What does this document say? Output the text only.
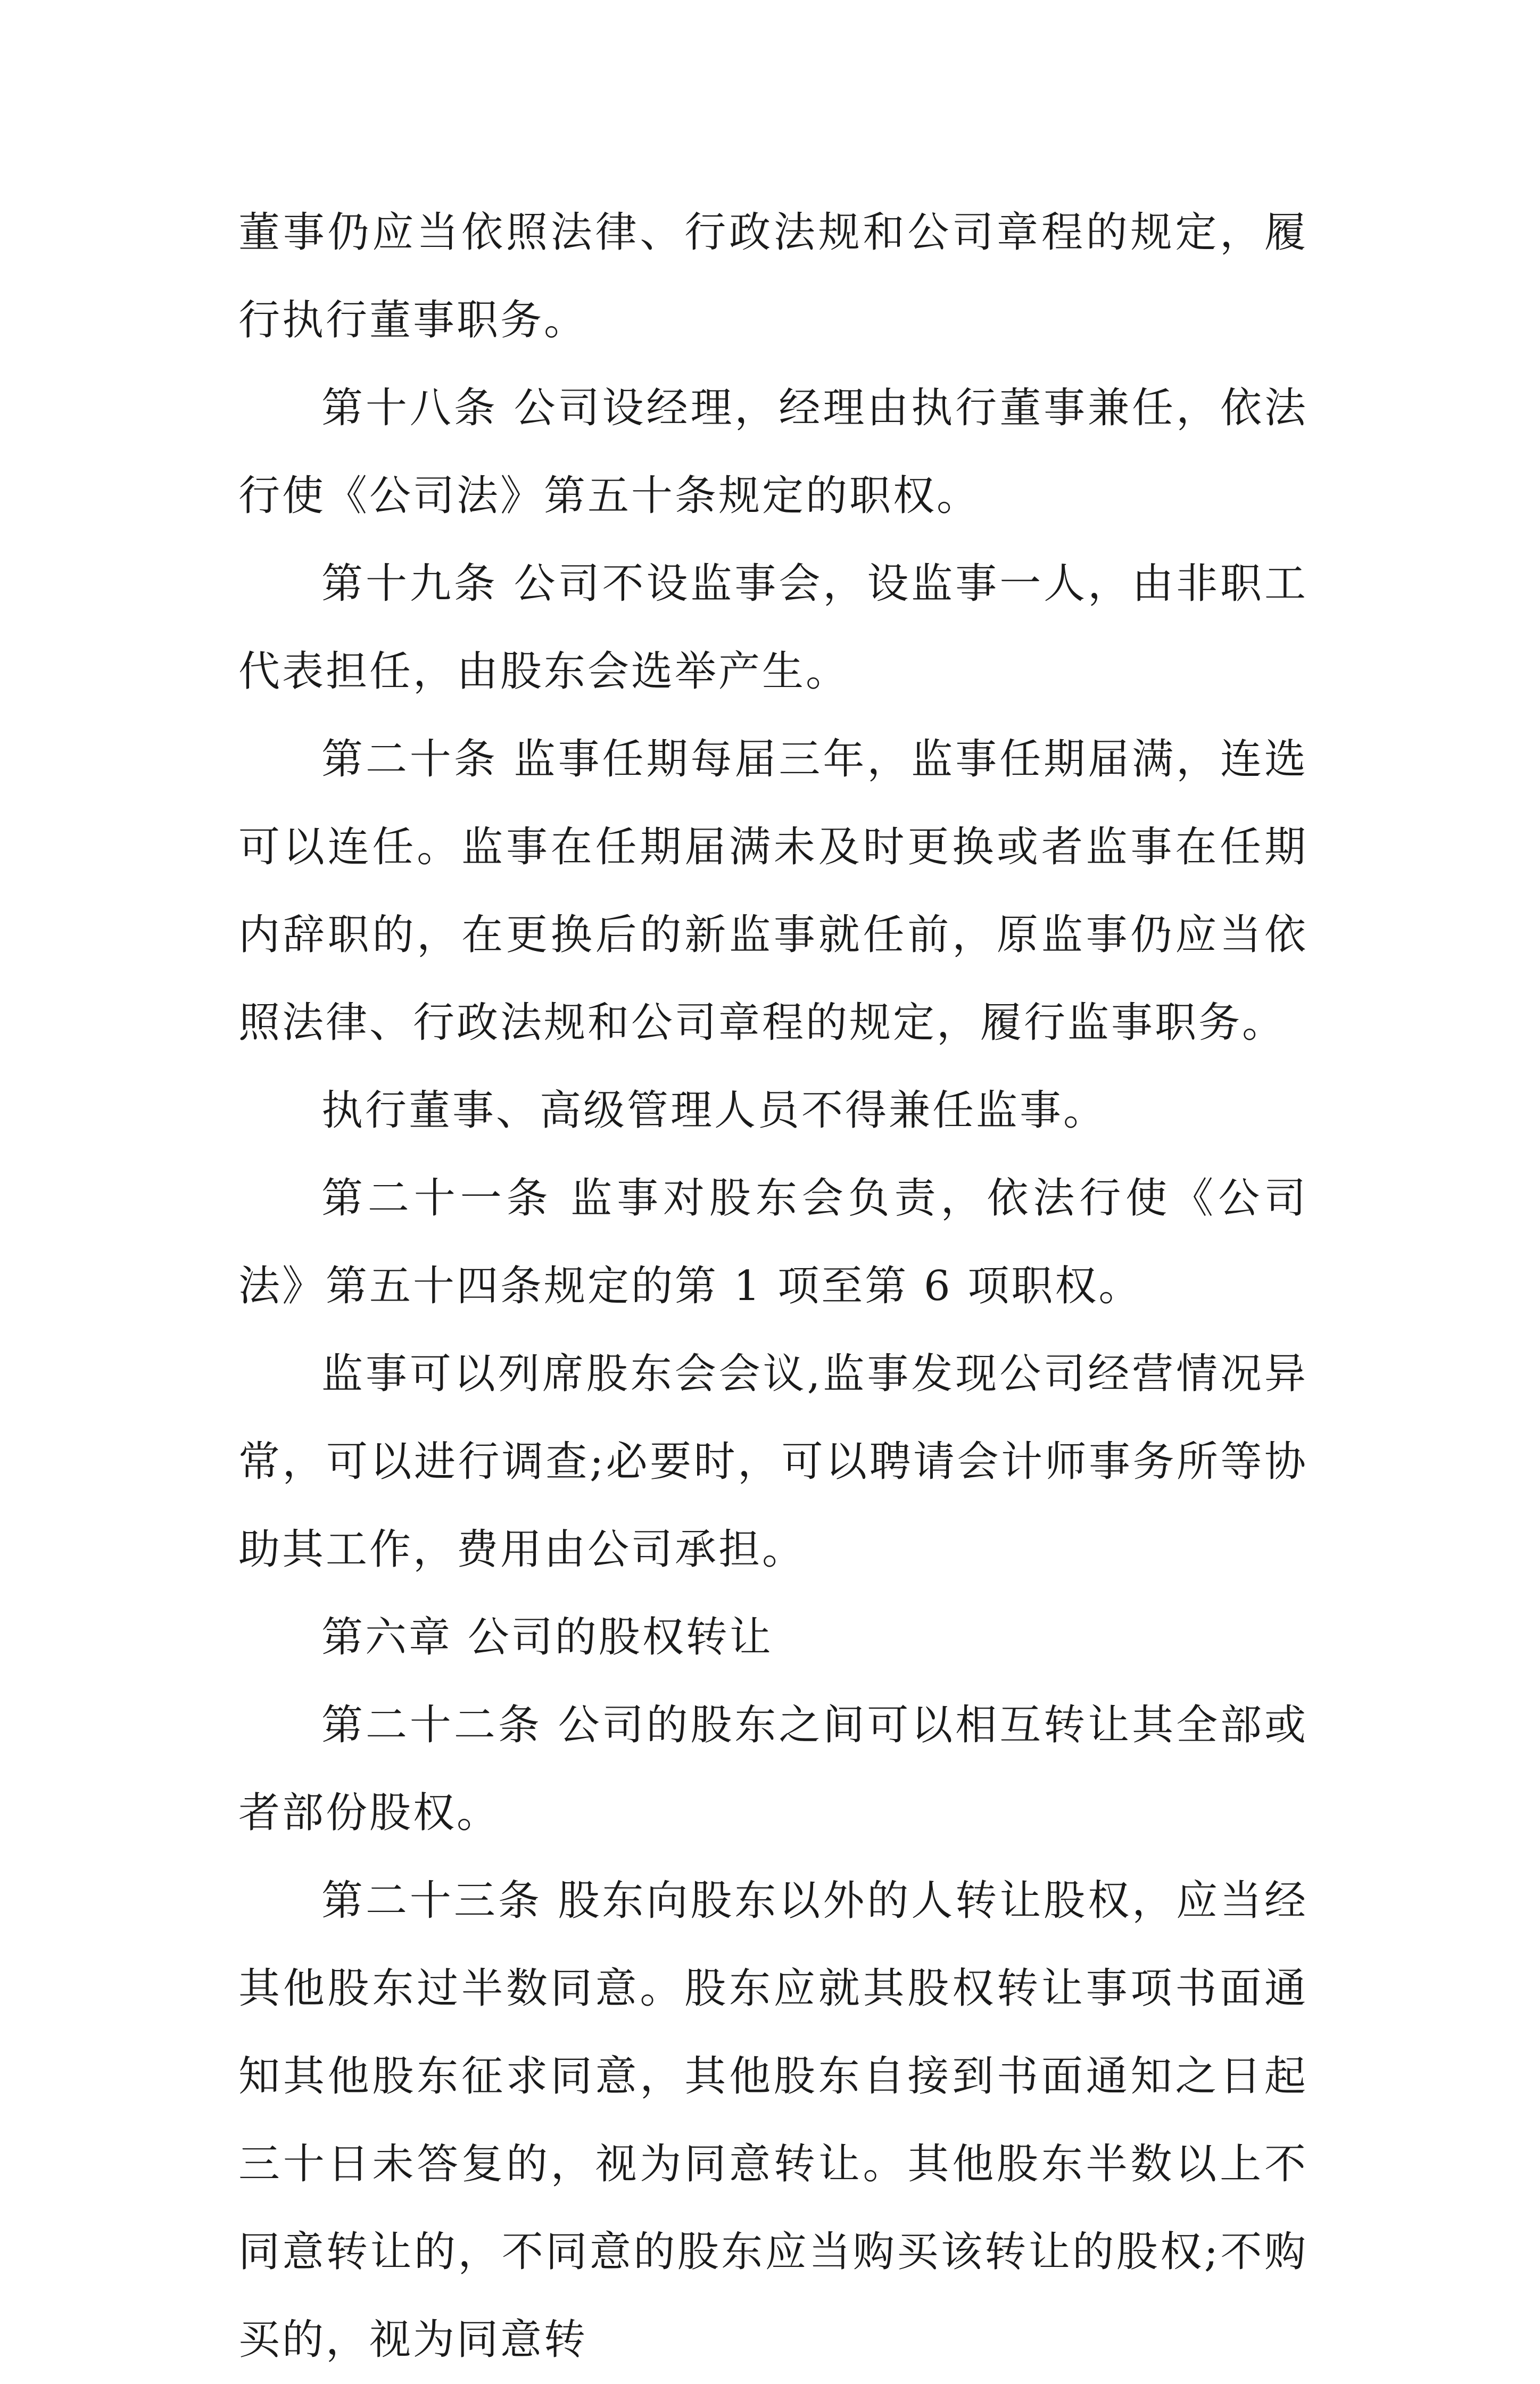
董事仍应当依照法律、行政法规和公司章程的规定，履行执行董事职务。

第十八条 公司设经理，经理由执行董事兼任，依法行使《公司法》第五十条规定的职权。

第十九条 公司不设监事会，设监事一人，由非职工代表担任，由股东会选举产生。

第二十条 监事任期每届三年，监事任期届满，连选可以连任。监事在任期届满未及时更换或者监事在任期内辞职的，在更换后的新监事就任前，原监事仍应当依照法律、行政法规和公司章程的规定，履行监事职务。

执行董事、高级管理人员不得兼任监事。

第二十一条 监事对股东会负责，依法行使《公司法》第五十四条规定的第 1 项至第 6 项职权。

监事可以列席股东会会议,监事发现公司经营情况异常，可以进行调查;必要时，可以聘请会计师事务所等协助其工作，费用由公司承担。

第六章 公司的股权转让

第二十二条 公司的股东之间可以相互转让其全部或者部份股权。

第二十三条 股东向股东以外的人转让股权，应当经其他股东过半数同意。股东应就其股权转让事项书面通知其他股东征求同意，其他股东自接到书面通知之日起三十日未答复的，视为同意转让。其他股东半数以上不同意转让的，不同意的股东应当购买该转让的股权;不购买的，视为同意转
